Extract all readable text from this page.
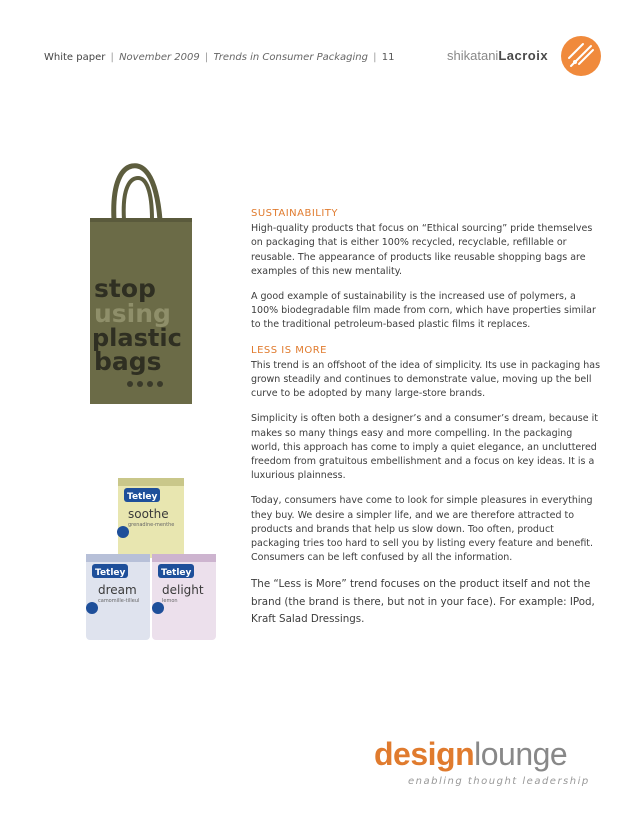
White paper | November 2009 | Trends in Consumer Packaging | 11	shikataniLacroix
stop
using
plastic
bags
Tetley
soothe
grenadine-menthe
Tetley
dream
camomille-tilleul
Tetley
delight
lemon
SUSTAINABILITY

High-quality products that focus on “Ethical sourcing” pride themselves on packaging that is either 100% recycled, recyclable, refillable or reusable. The appearance of products like reusable shopping bags are examples of this new mentality.

A good example of sustainability is the increased use of polymers, a 100% biodegradable film made from corn, which have properties similar to the traditional petroleum-based plastic films it replaces.

LESS IS MORE

This trend is an offshoot of the idea of simplicity. Its use in packaging has grown steadily and continues to demonstrate value, moving up the bell curve to be adopted by many large-store brands.

Simplicity is often both a designer’s and a consumer’s dream, because it makes so many things easy and more compelling. In the packaging world, this approach has come to imply a quiet elegance, an uncluttered freedom from gratuitous embellishment and a focus on key ideas. It is a luxurious plainness.

Today, consumers have come to look for simple pleasures in everything they buy. We desire a simpler life, and we are therefore attracted to products and brands that help us slow down. Too often, product packaging tries too hard to sell you by listing every feature and benefit. Consumers can be left confused by all the information.

The “Less is More” trend focuses on the product itself and not the brand (the brand is there, but not in your face). For example: IPod, Kraft Salad Dressings.

designlounge
enabling thought leadership
